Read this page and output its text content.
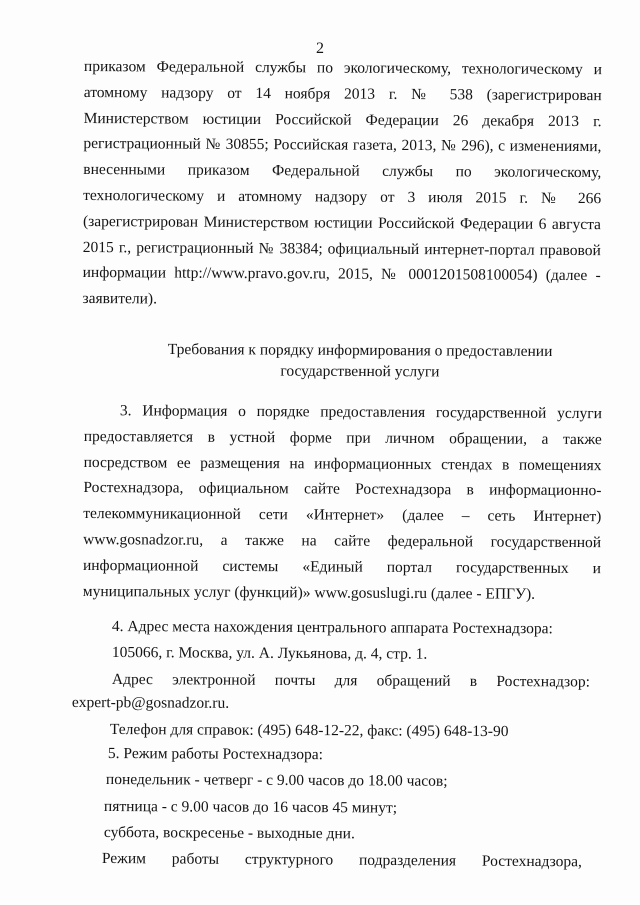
2
приказом Федеральной службы по экологическому, технологическому и атомному надзору от 14 ноября 2013 г. № 538 (зарегистрирован Министерством юстиции Российской Федерации 26 декабря 2013 г. регистрационный № 30855; Российская газета, 2013, № 296), с изменениями, внесенными приказом Федеральной службы по экологическому, технологическому и атомному надзору от 3 июля 2015 г. № 266 (зарегистрирован Министерством юстиции Российской Федерации 6 августа 2015 г., регистрационный № 38384; официальный интернет-портал правовой информации http://www.pravo.gov.ru, 2015, № 0001201508100054) (далее - заявители).
Требования к порядку информирования о предоставлении
государственной услуги
3. Информация о порядке предоставления государственной услуги предоставляется в устной форме при личном обращении, а также посредством ее размещения на информационных стендах в помещениях Ростехнадзора, официальном сайте Ростехнадзора в информационно-телекоммуникационной сети «Интернет» (далее – сеть Интернет) www.gosnadzor.ru, а также на сайте федеральной государственной информационной системы «Единый портал государственных и муниципальных услуг (функций)» www.gosuslugi.ru (далее - ЕПГУ).
4. Адрес места нахождения центрального аппарата Ростехнадзора:
105066, г. Москва, ул. А. Лукьянова, д. 4, стр. 1.
Адрес электронной почты для обращений в Ростехнадзор:
expert-pb@gosnadzor.ru.
Телефон для справок: (495) 648-12-22, факс: (495) 648-13-90
5. Режим работы Ростехнадзора:
понедельник - четверг - с 9.00 часов до 18.00 часов;
пятница - с 9.00 часов до 16 часов 45 минут;
суббота, воскресенье - выходные дни.
Режим работы структурного подразделения Ростехнадзора,
